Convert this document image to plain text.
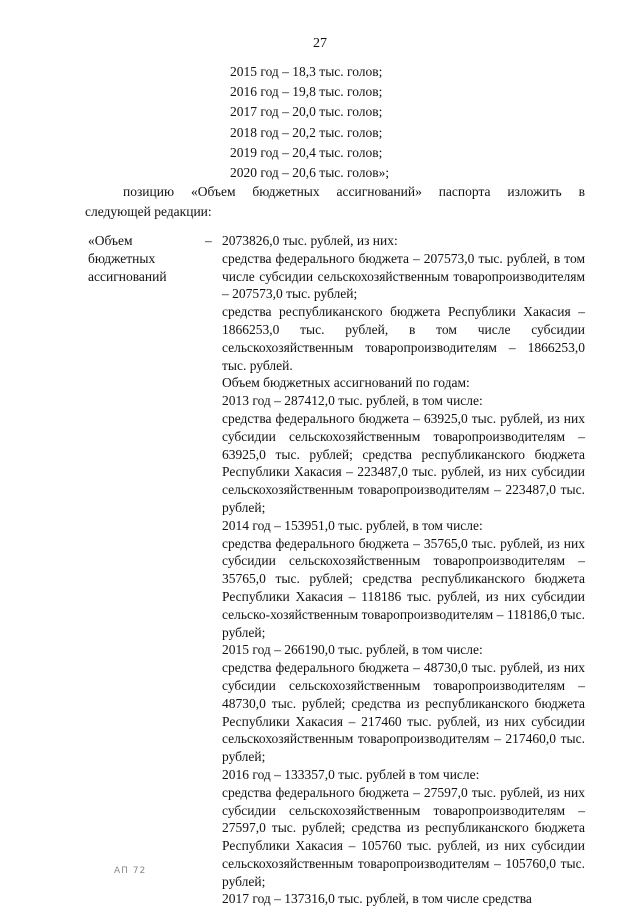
27
2015 год – 18,3 тыс. голов;
2016 год – 19,8 тыс. голов;
2017 год – 20,0 тыс. голов;
2018 год – 20,2 тыс. голов;
2019 год – 20,4 тыс. голов;
2020 год – 20,6 тыс. голов»;
позицию «Объем бюджетных ассигнований» паспорта изложить в
следующей редакции:
«Объем
бюджетных
ассигнований
– 2073826,0 тыс. рублей, из них:

средства федерального бюджета – 207573,0 тыс. рублей, в том числе субсидии сельскохозяйственным товаропроизводителям – 207573,0 тыс. рублей;

средства республиканского бюджета Республики Хакасия – 1866253,0 тыс. рублей, в том числе субсидии сельскохозяйственным товаропроизводителям – 1866253,0 тыс. рублей.

Объем бюджетных ассигнований по годам:

2013 год – 287412,0 тыс. рублей, в том числе:

средства федерального бюджета – 63925,0 тыс. рублей, из них субсидии сельскохозяйственным товаропроизводителям – 63925,0 тыс. рублей; средства республиканского бюджета Республики Хакасия – 223487,0 тыс. рублей, из них субсидии сельскохозяйственным товаропроизводителям – 223487,0 тыс. рублей;

2014 год – 153951,0 тыс. рублей, в том числе:

средства федерального бюджета – 35765,0 тыс. рублей, из них субсидии сельскохозяйственным товаропроизводителям – 35765,0 тыс. рублей; средства республиканского бюджета Республики Хакасия – 118186 тыс. рублей, из них субсидии сельско-хозяйственным товаропроизводителям – 118186,0 тыс. рублей;

2015 год – 266190,0 тыс. рублей, в том числе:

средства федерального бюджета – 48730,0 тыс. рублей, из них субсидии сельскохозяйственным товаропроизводителям – 48730,0 тыс. рублей; средства из республиканского бюджета Республики Хакасия – 217460 тыс. рублей, из них субсидии сельскохозяйственным товаропроизводителям – 217460,0 тыс. рублей;

2016 год – 133357,0 тыс. рублей в том числе:

средства федерального бюджета – 27597,0 тыс. рублей, из них субсидии сельскохозяйственным товаропроизводителям – 27597,0 тыс. рублей; средства из республиканского бюджета Республики Хакасия – 105760 тыс. рублей, из них субсидии сельскохозяйственным товаропроизводителям – 105760,0 тыс. рублей;

2017 год – 137316,0 тыс. рублей, в том числе средства

АП 72
